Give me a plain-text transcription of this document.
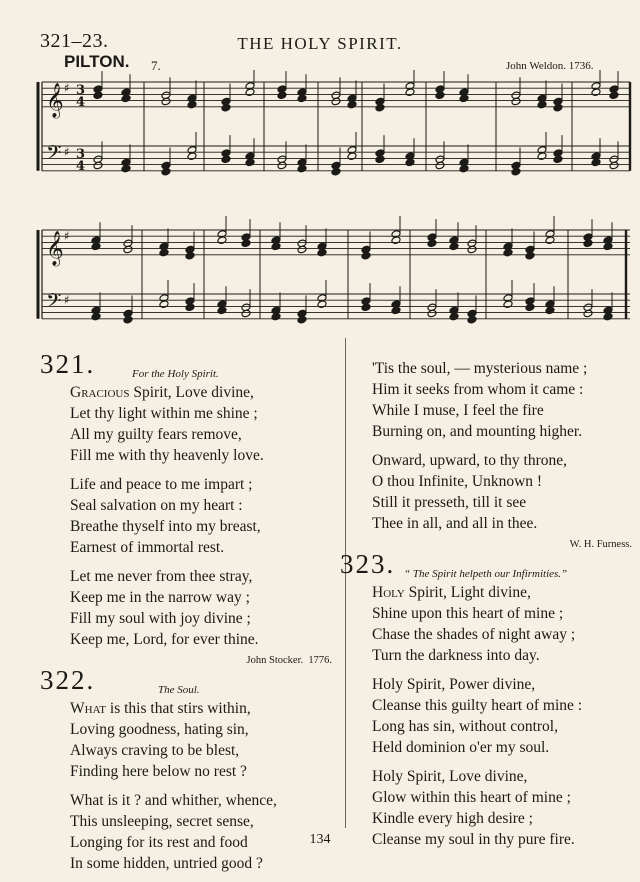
321–23.	THE HOLY SPIRIT.
PILTON. 7.	John Weldon. 1736.
𝄞
𝄢
𝄞
𝄢
♯
♯
♯
♯
3
4
3
4
321.	For the Holy Spirit.
Gracious Spirit, Love divine,
Let thy light within me shine ;
All my guilty fears remove,
Fill me with thy heavenly love.
Life and peace to me impart ;
Seal salvation on my heart :
Breathe thyself into my breast,
Earnest of immortal rest.
Let me never from thee stray,
Keep me in the narrow way ;
Fill my soul with joy divine ;
Keep me, Lord, for ever thine.
John Stocker. 1776.
322.	The Soul.
What is this that stirs within,
Loving goodness, hating sin,
Always craving to be blest,
Finding here below no rest ?
What is it ? and whither, whence,
This unsleeping, secret sense,
Longing for its rest and food
In some hidden, untried good ?
'Tis the soul, — mysterious name ;
Him it seeks from whom it came :
While I muse, I feel the fire
Burning on, and mounting higher.
Onward, upward, to thy throne,
O thou Infinite, Unknown !
Still it presseth, till it see
Thee in all, and all in thee.
W. H. Furness.
323. “ The Spirit helpeth our Infirmities.”
Holy Spirit, Light divine,
Shine upon this heart of mine ;
Chase the shades of night away ;
Turn the darkness into day.
Holy Spirit, Power divine,
Cleanse this guilty heart of mine :
Long has sin, without control,
Held dominion o'er my soul.
Holy Spirit, Love divine,
Glow within this heart of mine ;
Kindle every high desire ;
Cleanse my soul in thy pure fire.
134
